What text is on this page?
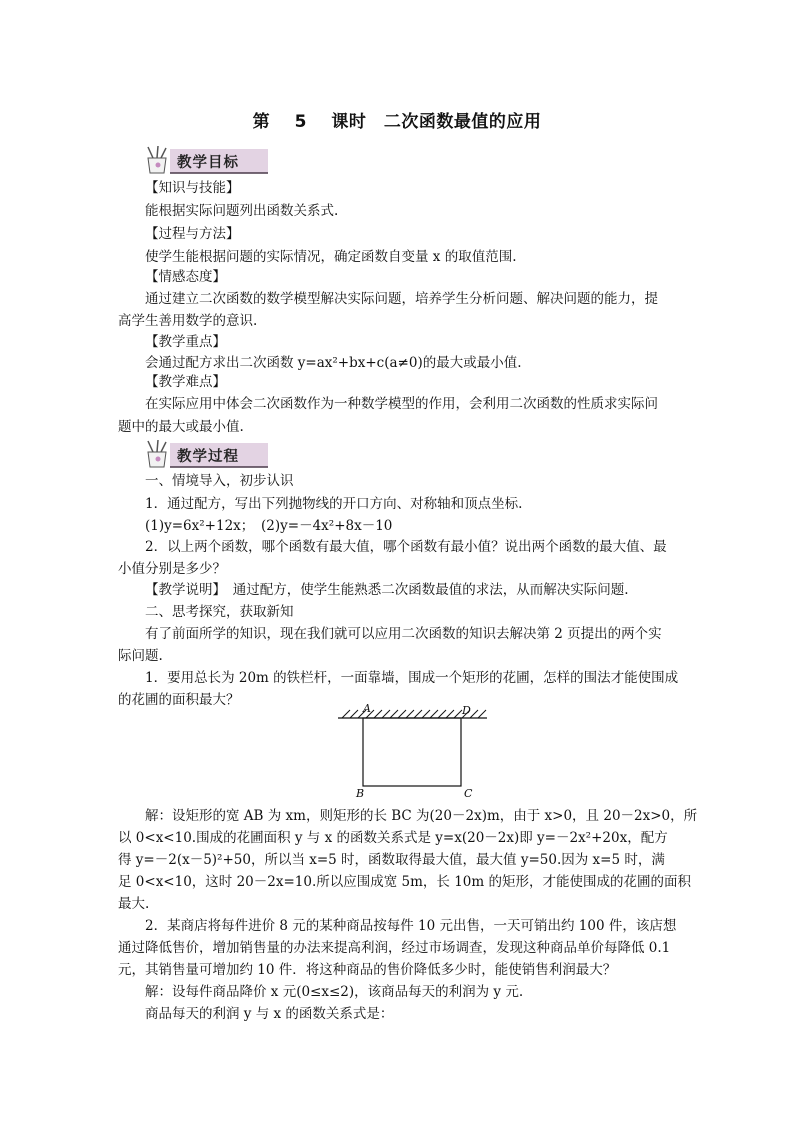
第 5 课时　二次函数最值的应用
教学目标
【知识与技能】
能根据实际问题列出函数关系式.
【过程与方法】
使学生能根据问题的实际情况，确定函数自变量 x 的取值范围.
【情感态度】
通过建立二次函数的数学模型解决实际问题，培养学生分析问题、解决问题的能力，提
高学生善用数学的意识.
【教学重点】
会通过配方求出二次函数 y=ax²+bx+c(a≠0)的最大或最小值.
【教学难点】
在实际应用中体会二次函数作为一种数学模型的作用，会利用二次函数的性质求实际问
题中的最大或最小值.
教学过程
一、情境导入，初步认识
1．通过配方，写出下列抛物线的开口方向、对称轴和顶点坐标.
(1)y=6x²+12x；　(2)y=－4x²+8x－10
2．以上两个函数，哪个函数有最大值，哪个函数有最小值？说出两个函数的最大值、最
小值分别是多少？
【教学说明】　通过配方，使学生能熟悉二次函数最值的求法，从而解决实际问题.
二、思考探究，获取新知
有了前面所学的知识，现在我们就可以应用二次函数的知识去解决第 2 页提出的两个实
际问题.
1．要用总长为 20m 的铁栏杆，一面靠墙，围成一个矩形的花圃，怎样的围法才能使围成
的花圃的面积最大？
A	D
B	C
解：设矩形的宽 AB 为 xm，则矩形的长 BC 为(20－2x)m，由于 x>0，且 20－2x>0，所
以 0<x<10.围成的花圃面积 y 与 x 的函数关系式是 y=x(20－2x)即 y=－2x²+20x，配方
得 y=－2(x－5)²+50，所以当 x=5 时，函数取得最大值，最大值 y=50.因为 x=5 时，满
足 0<x<10，这时 20－2x=10.所以应围成宽 5m，长 10m 的矩形，才能使围成的花圃的面积
最大.
2．某商店将每件进价 8 元的某种商品按每件 10 元出售，一天可销出约 100 件，该店想
通过降低售价，增加销售量的办法来提高利润，经过市场调查，发现这种商品单价每降低 0.1
元，其销售量可增加约 10 件．将这种商品的售价降低多少时，能使销售利润最大？
解：设每件商品降价 x 元(0≤x≤2)，该商品每天的利润为 y 元.
商品每天的利润 y 与 x 的函数关系式是：
